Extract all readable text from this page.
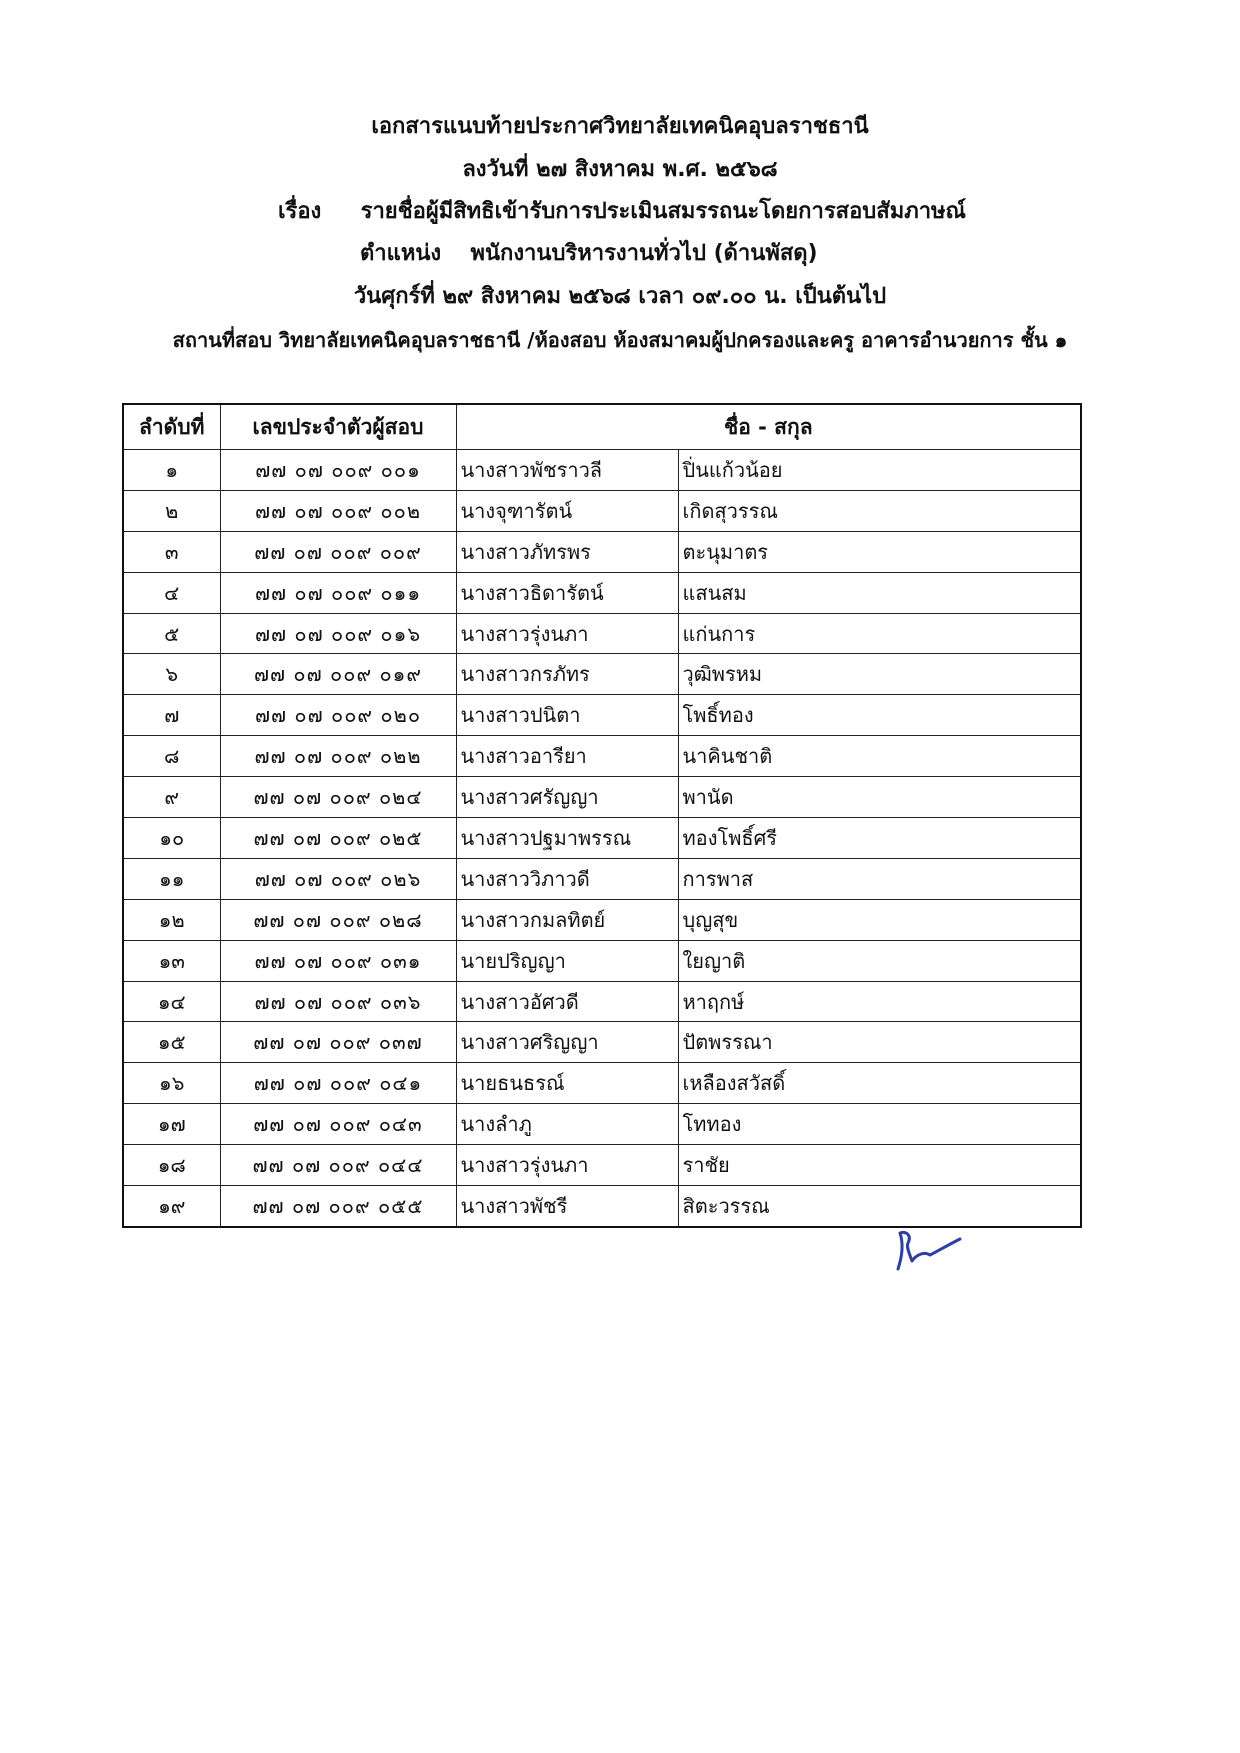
เอกสารแนบท้ายประกาศวิทยาลัยเทคนิคอุบลราชธานี
ลงวันที่ ๒๗ สิงหาคม พ.ศ. ๒๕๖๘
เรื่อง รายชื่อผู้มีสิทธิเข้ารับการประเมินสมรรถนะโดยการสอบสัมภาษณ์
ตำแหน่ง พนักงานบริหารงานทั่วไป (ด้านพัสดุ)
วันศุกร์ที่ ๒๙ สิงหาคม ๒๕๖๘ เวลา ๐๙.๐๐ น. เป็นต้นไป
สถานที่สอบ วิทยาลัยเทคนิคอุบลราชธานี /ห้องสอบ ห้องสมาคมผู้ปกครองและครู อาคารอำนวยการ ชั้น ๑
ลำดับที่	เลขประจำตัวผู้สอบ	ชื่อ - สกุล	
๑	๗๗ ๐๗ ๐๐๙ ๐๐๑	นางสาวพัชราวลี	ปิ่นแก้วน้อย
๒	๗๗ ๐๗ ๐๐๙ ๐๐๒	นางจุฑารัตน์	เกิดสุวรรณ
๓	๗๗ ๐๗ ๐๐๙ ๐๐๙	นางสาวภัทรพร	ตะนุมาตร
๔	๗๗ ๐๗ ๐๐๙ ๐๑๑	นางสาวธิดารัตน์	แสนสม
๕	๗๗ ๐๗ ๐๐๙ ๐๑๖	นางสาวรุ่งนภา	แก่นการ
๖	๗๗ ๐๗ ๐๐๙ ๐๑๙	นางสาวกรภัทร	วุฒิพรหม
๗	๗๗ ๐๗ ๐๐๙ ๐๒๐	นางสาวปนิตา	โพธิ์ทอง
๘	๗๗ ๐๗ ๐๐๙ ๐๒๒	นางสาวอารียา	นาคินชาติ
๙	๗๗ ๐๗ ๐๐๙ ๐๒๔	นางสาวศรัญญา	พานัด
๑๐	๗๗ ๐๗ ๐๐๙ ๐๒๕	นางสาวปฐมาพรรณ	ทองโพธิ์ศรี
๑๑	๗๗ ๐๗ ๐๐๙ ๐๒๖	นางสาววิภาวดี	การพาส
๑๒	๗๗ ๐๗ ๐๐๙ ๐๒๘	นางสาวกมลทิตย์	บุญสุข
๑๓	๗๗ ๐๗ ๐๐๙ ๐๓๑	นายปริญญา	ใยญาติ
๑๔	๗๗ ๐๗ ๐๐๙ ๐๓๖	นางสาวอัศวดี	หาฤกษ์
๑๕	๗๗ ๐๗ ๐๐๙ ๐๓๗	นางสาวศริญญา	ปัตพรรณา
๑๖	๗๗ ๐๗ ๐๐๙ ๐๔๑	นายธนธรณ์	เหลืองสวัสดิ์
๑๗	๗๗ ๐๗ ๐๐๙ ๐๔๓	นางลำภู	โททอง
๑๘	๗๗ ๐๗ ๐๐๙ ๐๔๔	นางสาวรุ่งนภา	ราชัย
๑๙	๗๗ ๐๗ ๐๐๙ ๐๕๕	นางสาวพัชรี	สิตะวรรณ
